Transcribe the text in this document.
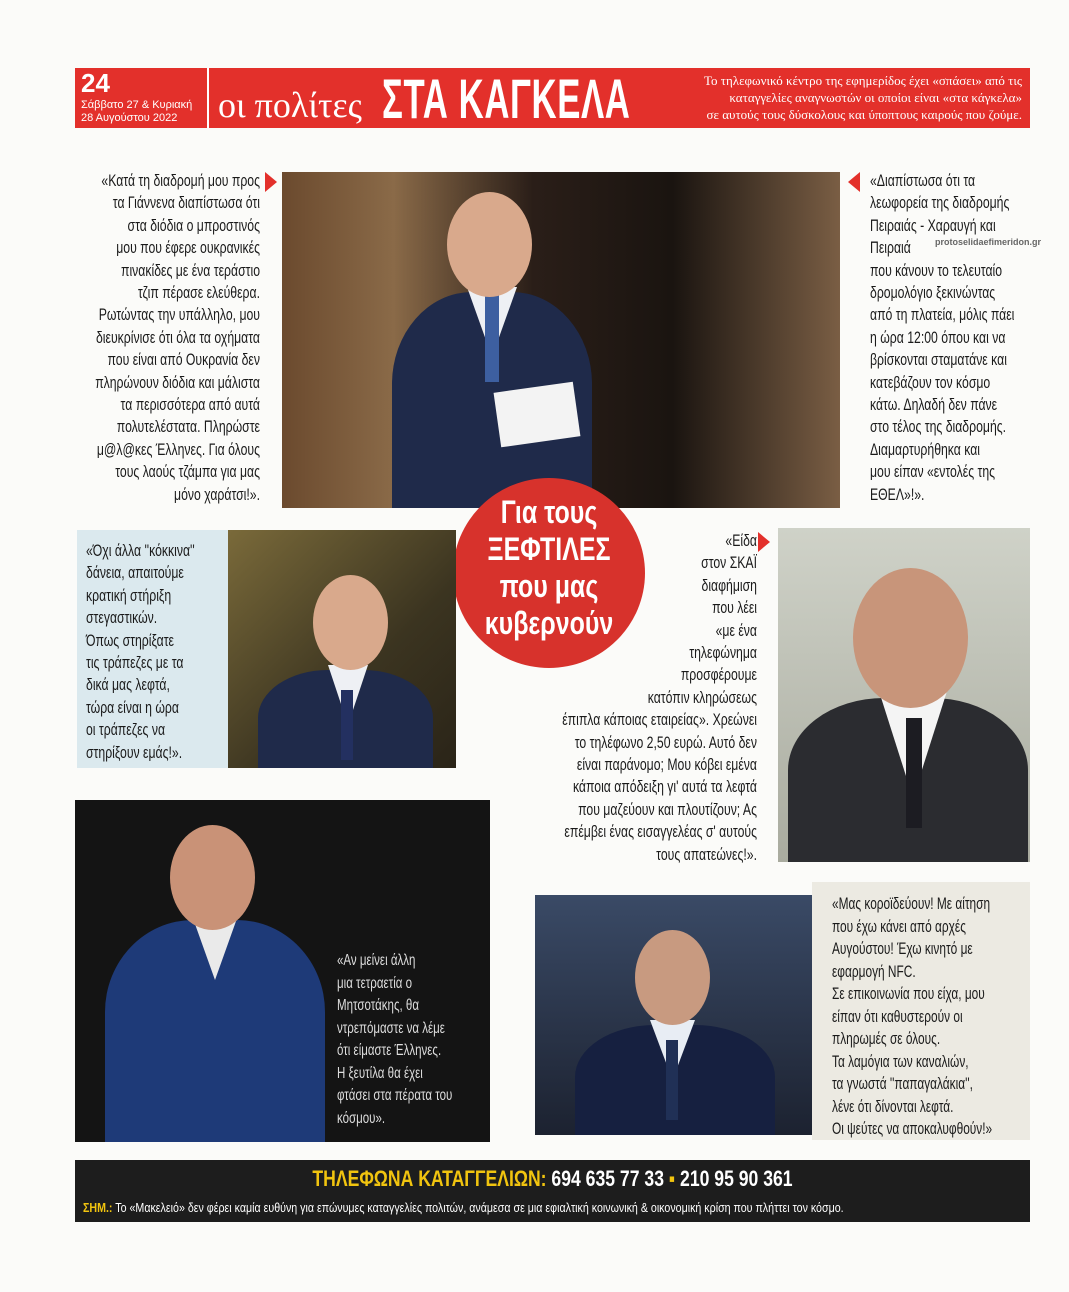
24
Σάββατο 27 & Κυριακή
28 Αυγούστου 2022	οι πολίτες ΣΤΑ ΚΑΓΚΕΛΑ	Το τηλεφωνικό κέντρο της εφημερίδος έχει «σπάσει» από τις
καταγγελίες αναγνωστών οι οποίοι είναι «στα κάγκελα»
σε αυτούς τους δύσκολους και ύποπτους καιρούς που ζούμε.
«Κατά τη διαδρομή μου προς
τα Γιάννενα διαπίστωσα ότι
στα διόδια ο μπροστινός
μου που έφερε ουκρανικές
πινακίδες με ένα τεράστιο
τζιπ πέρασε ελεύθερα.
Ρωτώντας την υπάλληλο, μου
διευκρίνισε ότι όλα τα οχήματα
που είναι από Ουκρανία δεν
πληρώνουν διόδια και μάλιστα
τα περισσότερα από αυτά
πολυτελέστατα. Πληρώστε
μ@λ@κες Έλληνες. Για όλους
τους λαούς τζάμπα για μας
μόνο χαράτσι!».
«Διαπίστωσα ότι τα
λεωφορεία της διαδρομής
Πειραιάς - Χαραυγή και
Πειραιά
που κάνουν το τελευταίο
δρομολόγιο ξεκινώντας
από τη πλατεία, μόλις πάει
η ώρα 12:00 όπου και να
βρίσκονται σταματάνε και
κατεβάζουν τον κόσμο
κάτω. Δηλαδή δεν πάνε
στο τέλος της διαδρομής.
Διαμαρτυρήθηκα και
μου είπαν «εντολές της
ΕΘΕΛ»!».
protoselidaefimeridon.gr
Για τους
ΞΕΦΤΙΛΕΣ
που μας
κυβερνούν
«Όχι άλλα ''κόκκινα''
δάνεια, απαιτούμε
κρατική στήριξη
στεγαστικών.
Όπως στηρίξατε
τις τράπεζες με τα
δικά μας λεφτά,
τώρα είναι η ώρα
οι τράπεζες να
στηρίξουν εμάς!».
«Είδα
στον ΣΚΑΪ
διαφήμιση
που λέει
«με ένα
τηλεφώνημα
προσφέρουμε
κατόπιν κληρώσεως
έπιπλα κάποιας εταιρείας». Χρεώνει
το τηλέφωνο 2,50 ευρώ. Αυτό δεν
είναι παράνομο; Μου κόβει εμένα
κάποια απόδειξη γι' αυτά τα λεφτά
που μαζεύουν και πλουτίζουν; Ας
επέμβει ένας εισαγγελέας σ' αυτούς
τους απατεώνες!».
«Αν μείνει άλλη
μια τετραετία ο
Μητσοτάκης, θα
ντρεπόμαστε να λέμε
ότι είμαστε Έλληνες.
Η ξευτίλα θα έχει
φτάσει στα πέρατα του
κόσμου».
«Μας κοροϊδεύουν! Με αίτηση
που έχω κάνει από αρχές
Αυγούστου! Έχω κινητό με
εφαρμογή NFC.
Σε επικοινωνία που είχα, μου
είπαν ότι καθυστερούν οι
πληρωμές σε όλους.
Τα λαμόγια των καναλιών,
τα γνωστά ''παπαγαλάκια'',
λένε ότι δίνονται λεφτά.
Οι ψεύτες να αποκαλυφθούν!»
ΤΗΛΕΦΩΝΑ ΚΑΤΑΓΓΕΛΙΩΝ: 694 635 77 33 ▪ 210 95 90 361
ΣΗΜ.: Το «Μακελειό» δεν φέρει καμία ευθύνη για επώνυμες καταγγελίες πολιτών, ανάμεσα σε μια εφιαλτική κοινωνική & οικονομική κρίση που πλήττει τον κόσμο.
